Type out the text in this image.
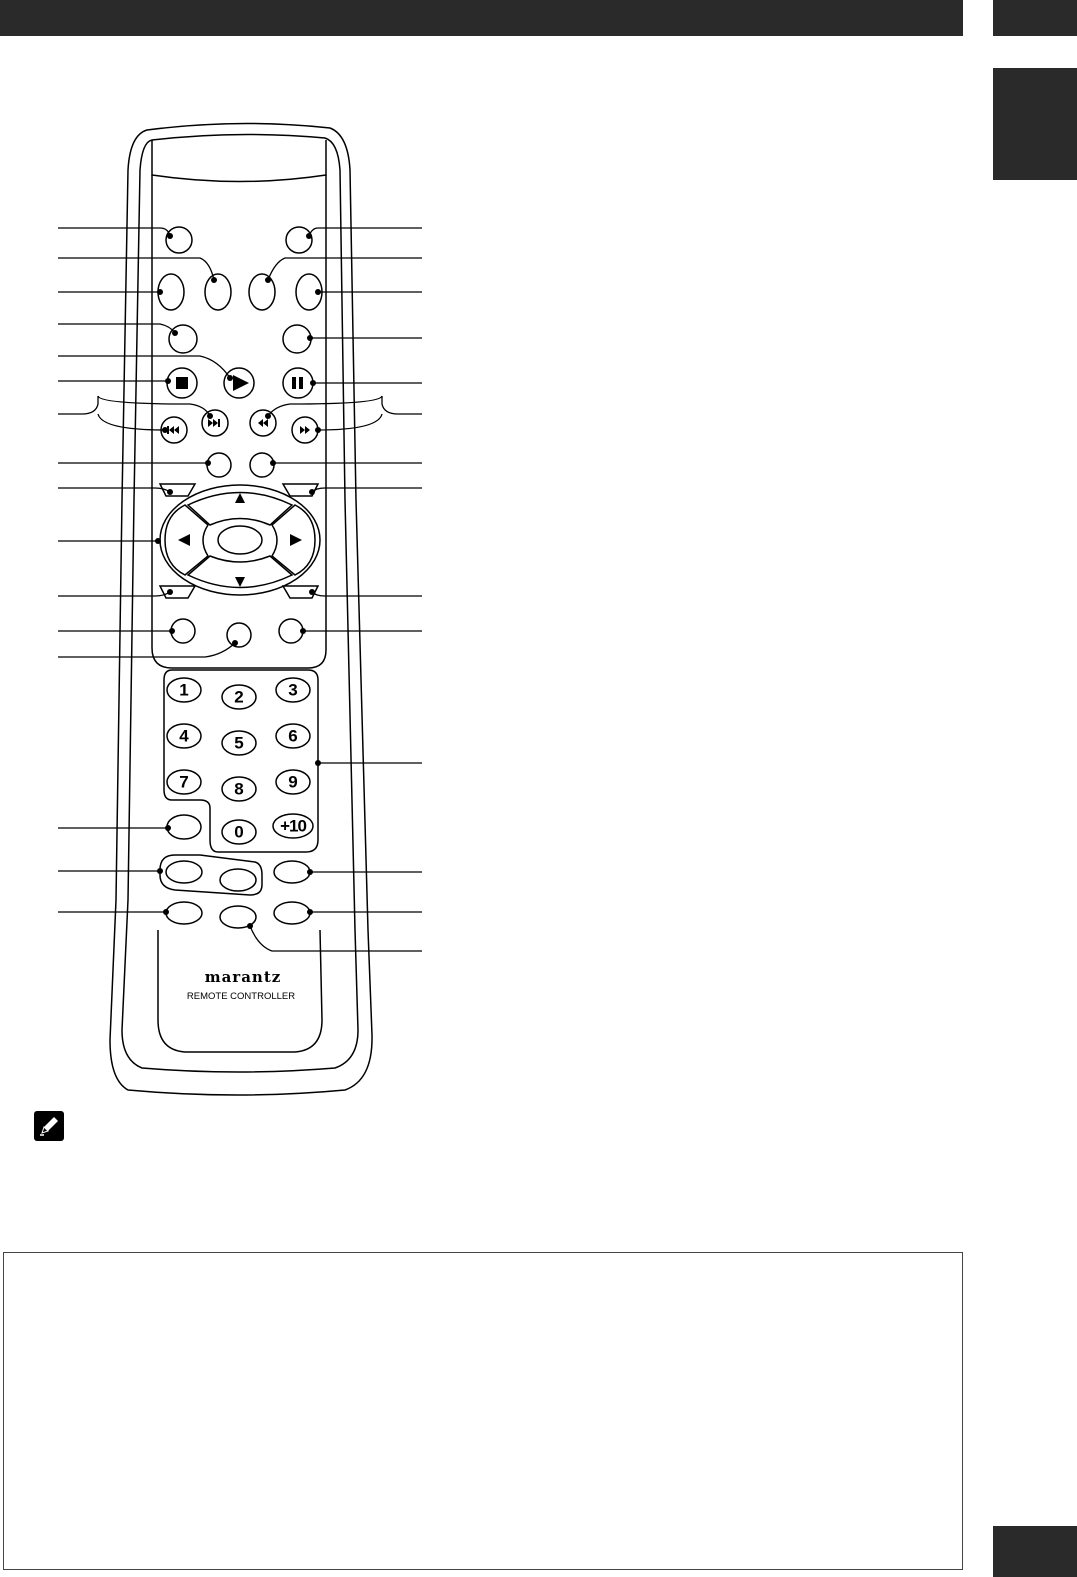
1	2	3
4	5	6
7	8	9
0 +10
marantz
REMOTE CONTROLLER
